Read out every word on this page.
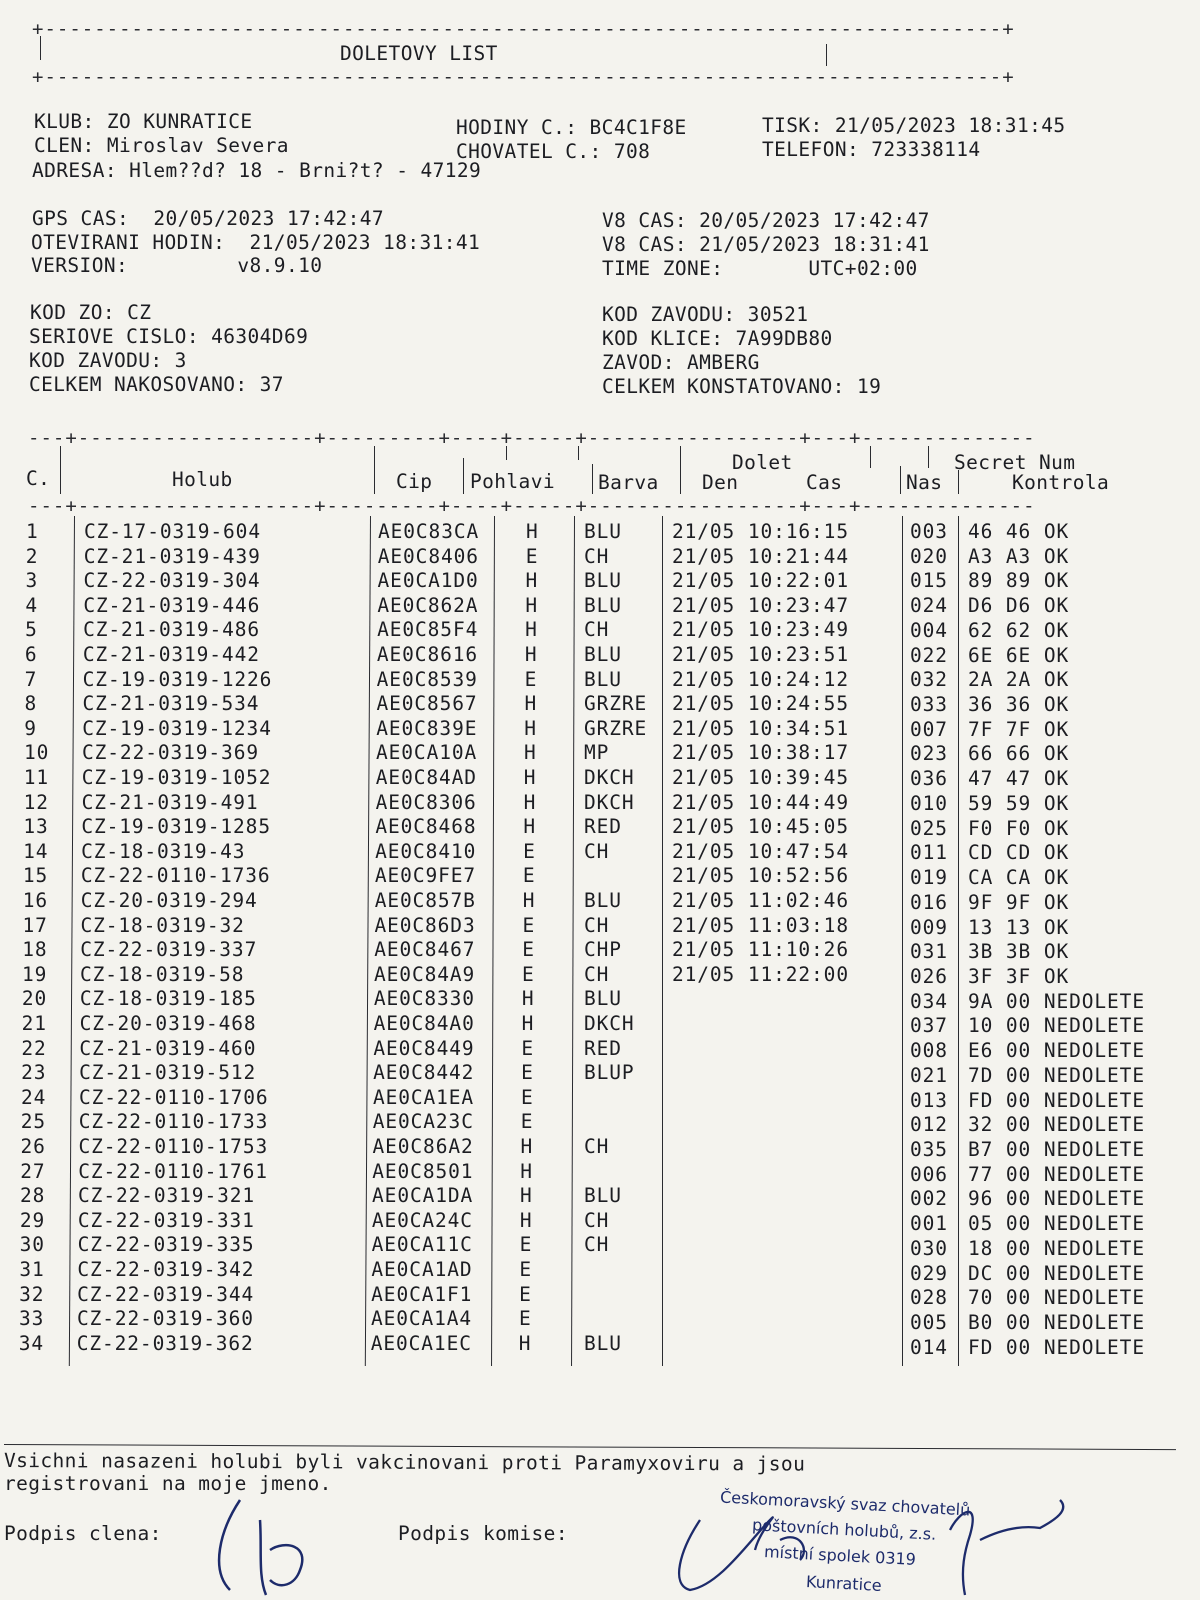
+-----------------------------------------------------------------------------+
DOLETOVY LIST
+-----------------------------------------------------------------------------+
KLUB: ZO KUNRATICE
CLEN: Miroslav Severa
ADRESA: Hlem??d? 18 - Brni?t? - 47129
HODINY C.: BC4C1F8E
CHOVATEL C.: 708
TISK: 21/05/2023 18:31:45
TELEFON: 723338114
GPS CAS:  20/05/2023 17:42:47
OTEVIRANI HODIN:  21/05/2023 18:31:41
VERSION:         v8.9.10
V8 CAS: 20/05/2023 17:42:47
V8 CAS: 21/05/2023 18:31:41
TIME ZONE:       UTC+02:00
KOD ZO: CZ
SERIOVE CISLO: 46304D69
KOD ZAVODU: 3
CELKEM NAKOSOVANO: 37
KOD ZAVODU: 30521
KOD KLICE: 7A99DB80
ZAVOD: AMBERG
CELKEM KONSTATOVANO: 19
---+-------------------+---------+----+-----+-----------------+---+--------------
Dolet	Secret Num
C.	Holub	Cip Pohlavi Barva Den	Cas	Nas	Kontrola
---+-------------------+---------+----+-----+-----------------+---+--------------
1 CZ-17-0319-604	AE0C83CA H BLU	21/05 10:16:15	003 46 46 OK
2 CZ-21-0319-439	AE0C8406 E CH	21/05 10:21:44	020 A3 A3 OK
3 CZ-22-0319-304	AE0CA1D0 H BLU	21/05 10:22:01	015 89 89 OK
4 CZ-21-0319-446	AE0C862A H BLU	21/05 10:23:47	024 D6 D6 OK
5 CZ-21-0319-486	AE0C85F4 H CH	21/05 10:23:49	004 62 62 OK
6 CZ-21-0319-442	AE0C8616 H BLU	21/05 10:23:51	022 6E 6E OK
7 CZ-19-0319-1226	AE0C8539 E BLU	21/05 10:24:12	032 2A 2A OK
8 CZ-21-0319-534	AE0C8567 H GRZRE 21/05 10:24:55	033 36 36 OK
9 CZ-19-0319-1234	AE0C839E H GRZRE 21/05 10:34:51	007 7F 7F OK
10 CZ-22-0319-369	AE0CA10A H MP	21/05 10:38:17	023 66 66 OK
11 CZ-19-0319-1052	AE0C84AD H DKCH 21/05 10:39:45	036 47 47 OK
12 CZ-21-0319-491	AE0C8306 H DKCH 21/05 10:44:49	010 59 59 OK
13 CZ-19-0319-1285	AE0C8468 H RED	21/05 10:45:05	025 F0 F0 OK
14 CZ-18-0319-43	AE0C8410 E CH	21/05 10:47:54	011 CD CD OK
15 CZ-22-0110-1736	AE0C9FE7 E	21/05 10:52:56	019 CA CA OK
16 CZ-20-0319-294	AE0C857B H BLU	21/05 11:02:46	016 9F 9F OK
17 CZ-18-0319-32	AE0C86D3 E	CH	21/05 11:03:18	009 13 13 OK
18 CZ-22-0319-337	AE0C8467 E	CHP	21/05 11:10:26	031 3B 3B OK
19 CZ-18-0319-58	AE0C84A9 E	CH	21/05 11:22:00	026 3F 3F OK
20 CZ-18-0319-185	AE0C8330 H	BLU	034 9A 00 NEDOLETE
21 CZ-20-0319-468	AE0C84A0 H	DKCH	037 10 00 NEDOLETE
22 CZ-21-0319-460	AE0C8449 E	RED	008 E6 00 NEDOLETE
23 CZ-21-0319-512	AE0C8442 E	BLUP	021 7D 00 NEDOLETE
24 CZ-22-0110-1706	AE0CA1EA E	013 FD 00 NEDOLETE
25 CZ-22-0110-1733	AE0CA23C E	012 32 00 NEDOLETE
26 CZ-22-0110-1753	AE0C86A2 H	CH	035 B7 00 NEDOLETE
27 CZ-22-0110-1761	AE0C8501 H	006 77 00 NEDOLETE
28 CZ-22-0319-321	AE0CA1DA H	BLU	002 96 00 NEDOLETE
29 CZ-22-0319-331	AE0CA24C H	CH	001 05 00 NEDOLETE
30 CZ-22-0319-335	AE0CA11C E	CH	030 18 00 NEDOLETE
31 CZ-22-0319-342	AE0CA1AD E	029 DC 00 NEDOLETE
32 CZ-22-0319-344	AE0CA1F1 E	028 70 00 NEDOLETE
33 CZ-22-0319-360	AE0CA1A4 E	005 B0 00 NEDOLETE
34 CZ-22-0319-362	AE0CA1EC H	BLU	014 FD 00 NEDOLETE
Vsichni nasazeni holubi byli vakcinovani proti Paramyxoviru a jsou
registrovani na moje jmeno.
Podpis clena:	Podpis komise:
Českomoravský svaz chovatelů
poštovních holubů, z.s.
místní spolek 0319
Kunratice
